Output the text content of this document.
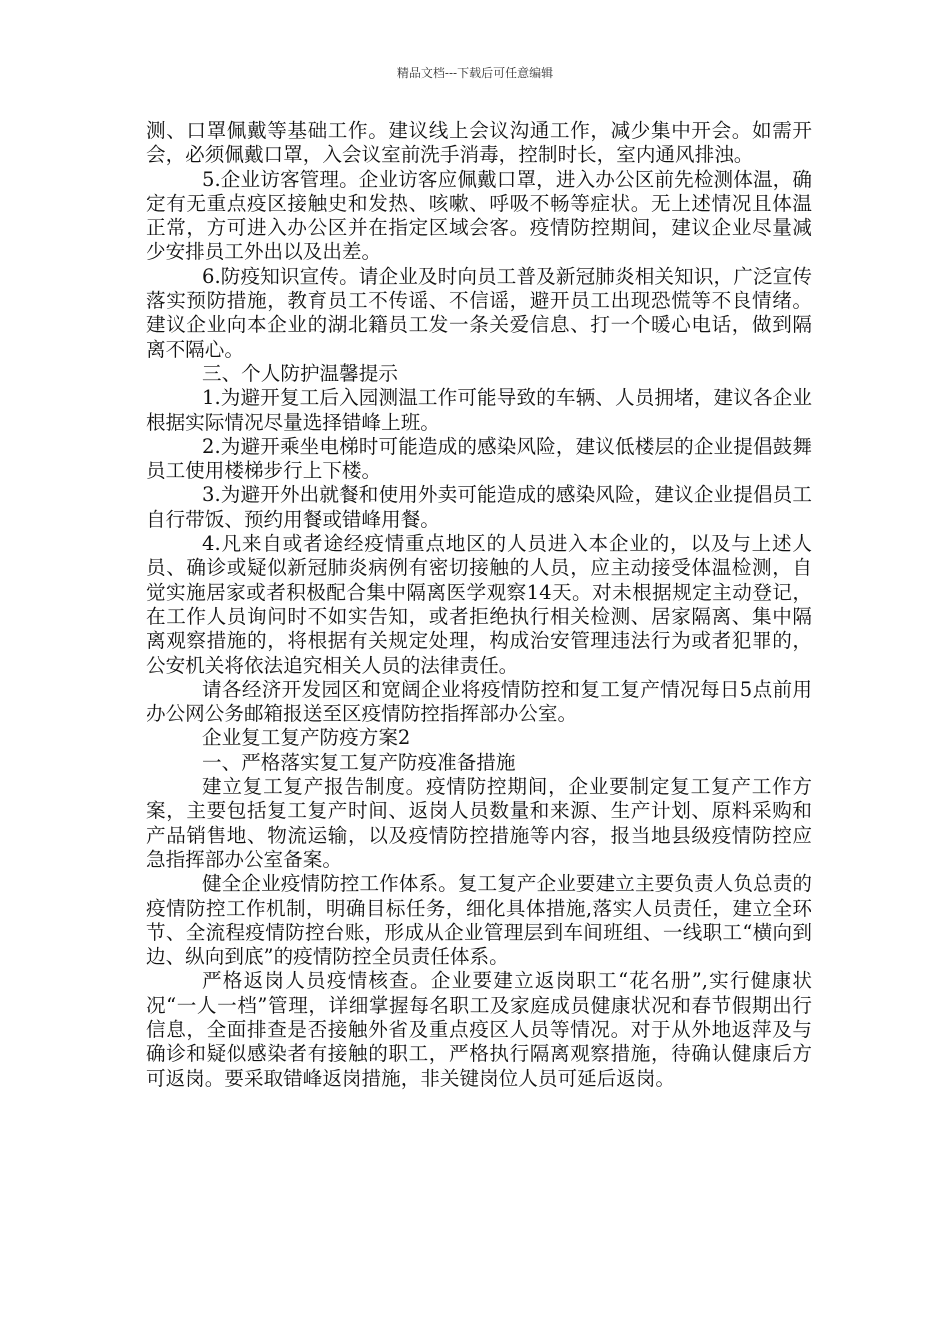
精品文档---下载后可任意编辑

测、口罩佩戴等基础工作。建议线上会议沟通工作，减少集中开会。如需开会，必须佩戴口罩，入会议室前洗手消毒，控制时长，室内通风排浊。

5.企业访客管理。企业访客应佩戴口罩，进入办公区前先检测体温，确定有无重点疫区接触史和发热、咳嗽、呼吸不畅等症状。无上述情况且体温正常，方可进入办公区并在指定区域会客。疫情防控期间，建议企业尽量减少安排员工外出以及出差。

6.防疫知识宣传。请企业及时向员工普及新冠肺炎相关知识，广泛宣传落实预防措施，教育员工不传谣、不信谣，避开员工出现恐慌等不良情绪。建议企业向本企业的湖北籍员工发一条关爱信息、打一个暖心电话，做到隔离不隔心。

三、个人防护温馨提示

1.为避开复工后入园测温工作可能导致的车辆、人员拥堵，建议各企业根据实际情况尽量选择错峰上班。

2.为避开乘坐电梯时可能造成的感染风险，建议低楼层的企业提倡鼓舞员工使用楼梯步行上下楼。

3.为避开外出就餐和使用外卖可能造成的感染风险，建议企业提倡员工自行带饭、预约用餐或错峰用餐。

4.凡来自或者途经疫情重点地区的人员进入本企业的，以及与上述人员、确诊或疑似新冠肺炎病例有密切接触的人员，应主动接受体温检测，自觉实施居家或者积极配合集中隔离医学观察14天。对未根据规定主动登记，在工作人员询问时不如实告知，或者拒绝执行相关检测、居家隔离、集中隔离观察措施的，将根据有关规定处理，构成治安管理违法行为或者犯罪的，公安机关将依法追究相关人员的法律责任。

请各经济开发园区和宽阔企业将疫情防控和复工复产情况每日5点前用办公网公务邮箱报送至区疫情防控指挥部办公室。

企业复工复产防疫方案2

一、严格落实复工复产防疫准备措施

建立复工复产报告制度。疫情防控期间，企业要制定复工复产工作方案，主要包括复工复产时间、返岗人员数量和来源、生产计划、原料采购和产品销售地、物流运输，以及疫情防控措施等内容，报当地县级疫情防控应急指挥部办公室备案。

健全企业疫情防控工作体系。复工复产企业要建立主要负责人负总责的疫情防控工作机制，明确目标任务，细化具体措施,落实人员责任，建立全环节、全流程疫情防控台账，形成从企业管理层到车间班组、一线职工“横向到边、纵向到底”的疫情防控全员责任体系。

严格返岗人员疫情核查。企业要建立返岗职工“花名册”,实行健康状况“一人一档”管理，详细掌握每名职工及家庭成员健康状况和春节假期出行信息，全面排查是否接触外省及重点疫区人员等情况。对于从外地返萍及与确诊和疑似感染者有接触的职工，严格执行隔离观察措施，待确认健康后方可返岗。要采取错峰返岗措施，非关键岗位人员可延后返岗。
